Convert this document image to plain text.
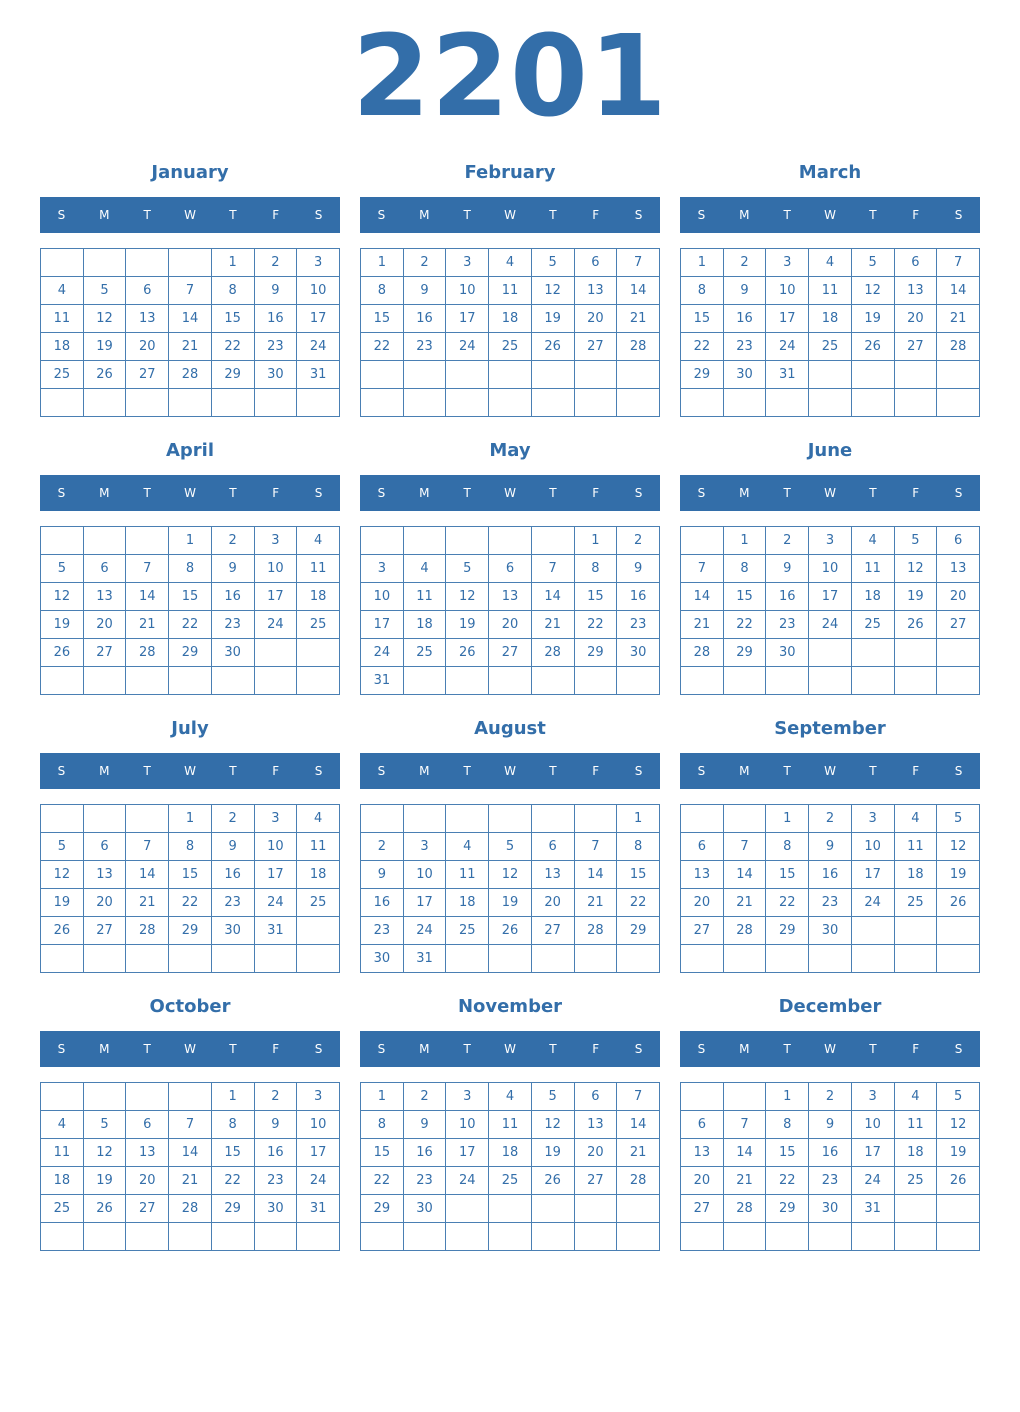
2201
January
S	M	T	W	T	F	S
				1	2	3
4	5	6	7	8	9	10
11	12	13	14	15	16	17
18	19	20	21	22	23	24
25	26	27	28	29	30	31

February
S	M	T	W	T	F	S
1	2	3	4	5	6	7
8	9	10	11	12	13	14
15	16	17	18	19	20	21
22	23	24	25	26	27	28

March
S	M	T	W	T	F	S
1	2	3	4	5	6	7
8	9	10	11	12	13	14
15	16	17	18	19	20	21
22	23	24	25	26	27	28
29	30	31				

April
S	M	T	W	T	F	S
			1	2	3	4
5	6	7	8	9	10	11
12	13	14	15	16	17	18
19	20	21	22	23	24	25
26	27	28	29	30		

May
S	M	T	W	T	F	S
					1	2
3	4	5	6	7	8	9
10	11	12	13	14	15	16
17	18	19	20	21	22	23
24	25	26	27	28	29	30
31						
June
S	M	T	W	T	F	S
	1	2	3	4	5	6
7	8	9	10	11	12	13
14	15	16	17	18	19	20
21	22	23	24	25	26	27
28	29	30				

July
S	M	T	W	T	F	S
			1	2	3	4
5	6	7	8	9	10	11
12	13	14	15	16	17	18
19	20	21	22	23	24	25
26	27	28	29	30	31	

August
S	M	T	W	T	F	S
						1
2	3	4	5	6	7	8
9	10	11	12	13	14	15
16	17	18	19	20	21	22
23	24	25	26	27	28	29
30	31					
September
S	M	T	W	T	F	S
		1	2	3	4	5
6	7	8	9	10	11	12
13	14	15	16	17	18	19
20	21	22	23	24	25	26
27	28	29	30			

October
S	M	T	W	T	F	S
				1	2	3
4	5	6	7	8	9	10
11	12	13	14	15	16	17
18	19	20	21	22	23	24
25	26	27	28	29	30	31

November
S	M	T	W	T	F	S
1	2	3	4	5	6	7
8	9	10	11	12	13	14
15	16	17	18	19	20	21
22	23	24	25	26	27	28
29	30					

December
S	M	T	W	T	F	S
		1	2	3	4	5
6	7	8	9	10	11	12
13	14	15	16	17	18	19
20	21	22	23	24	25	26
27	28	29	30	31		
